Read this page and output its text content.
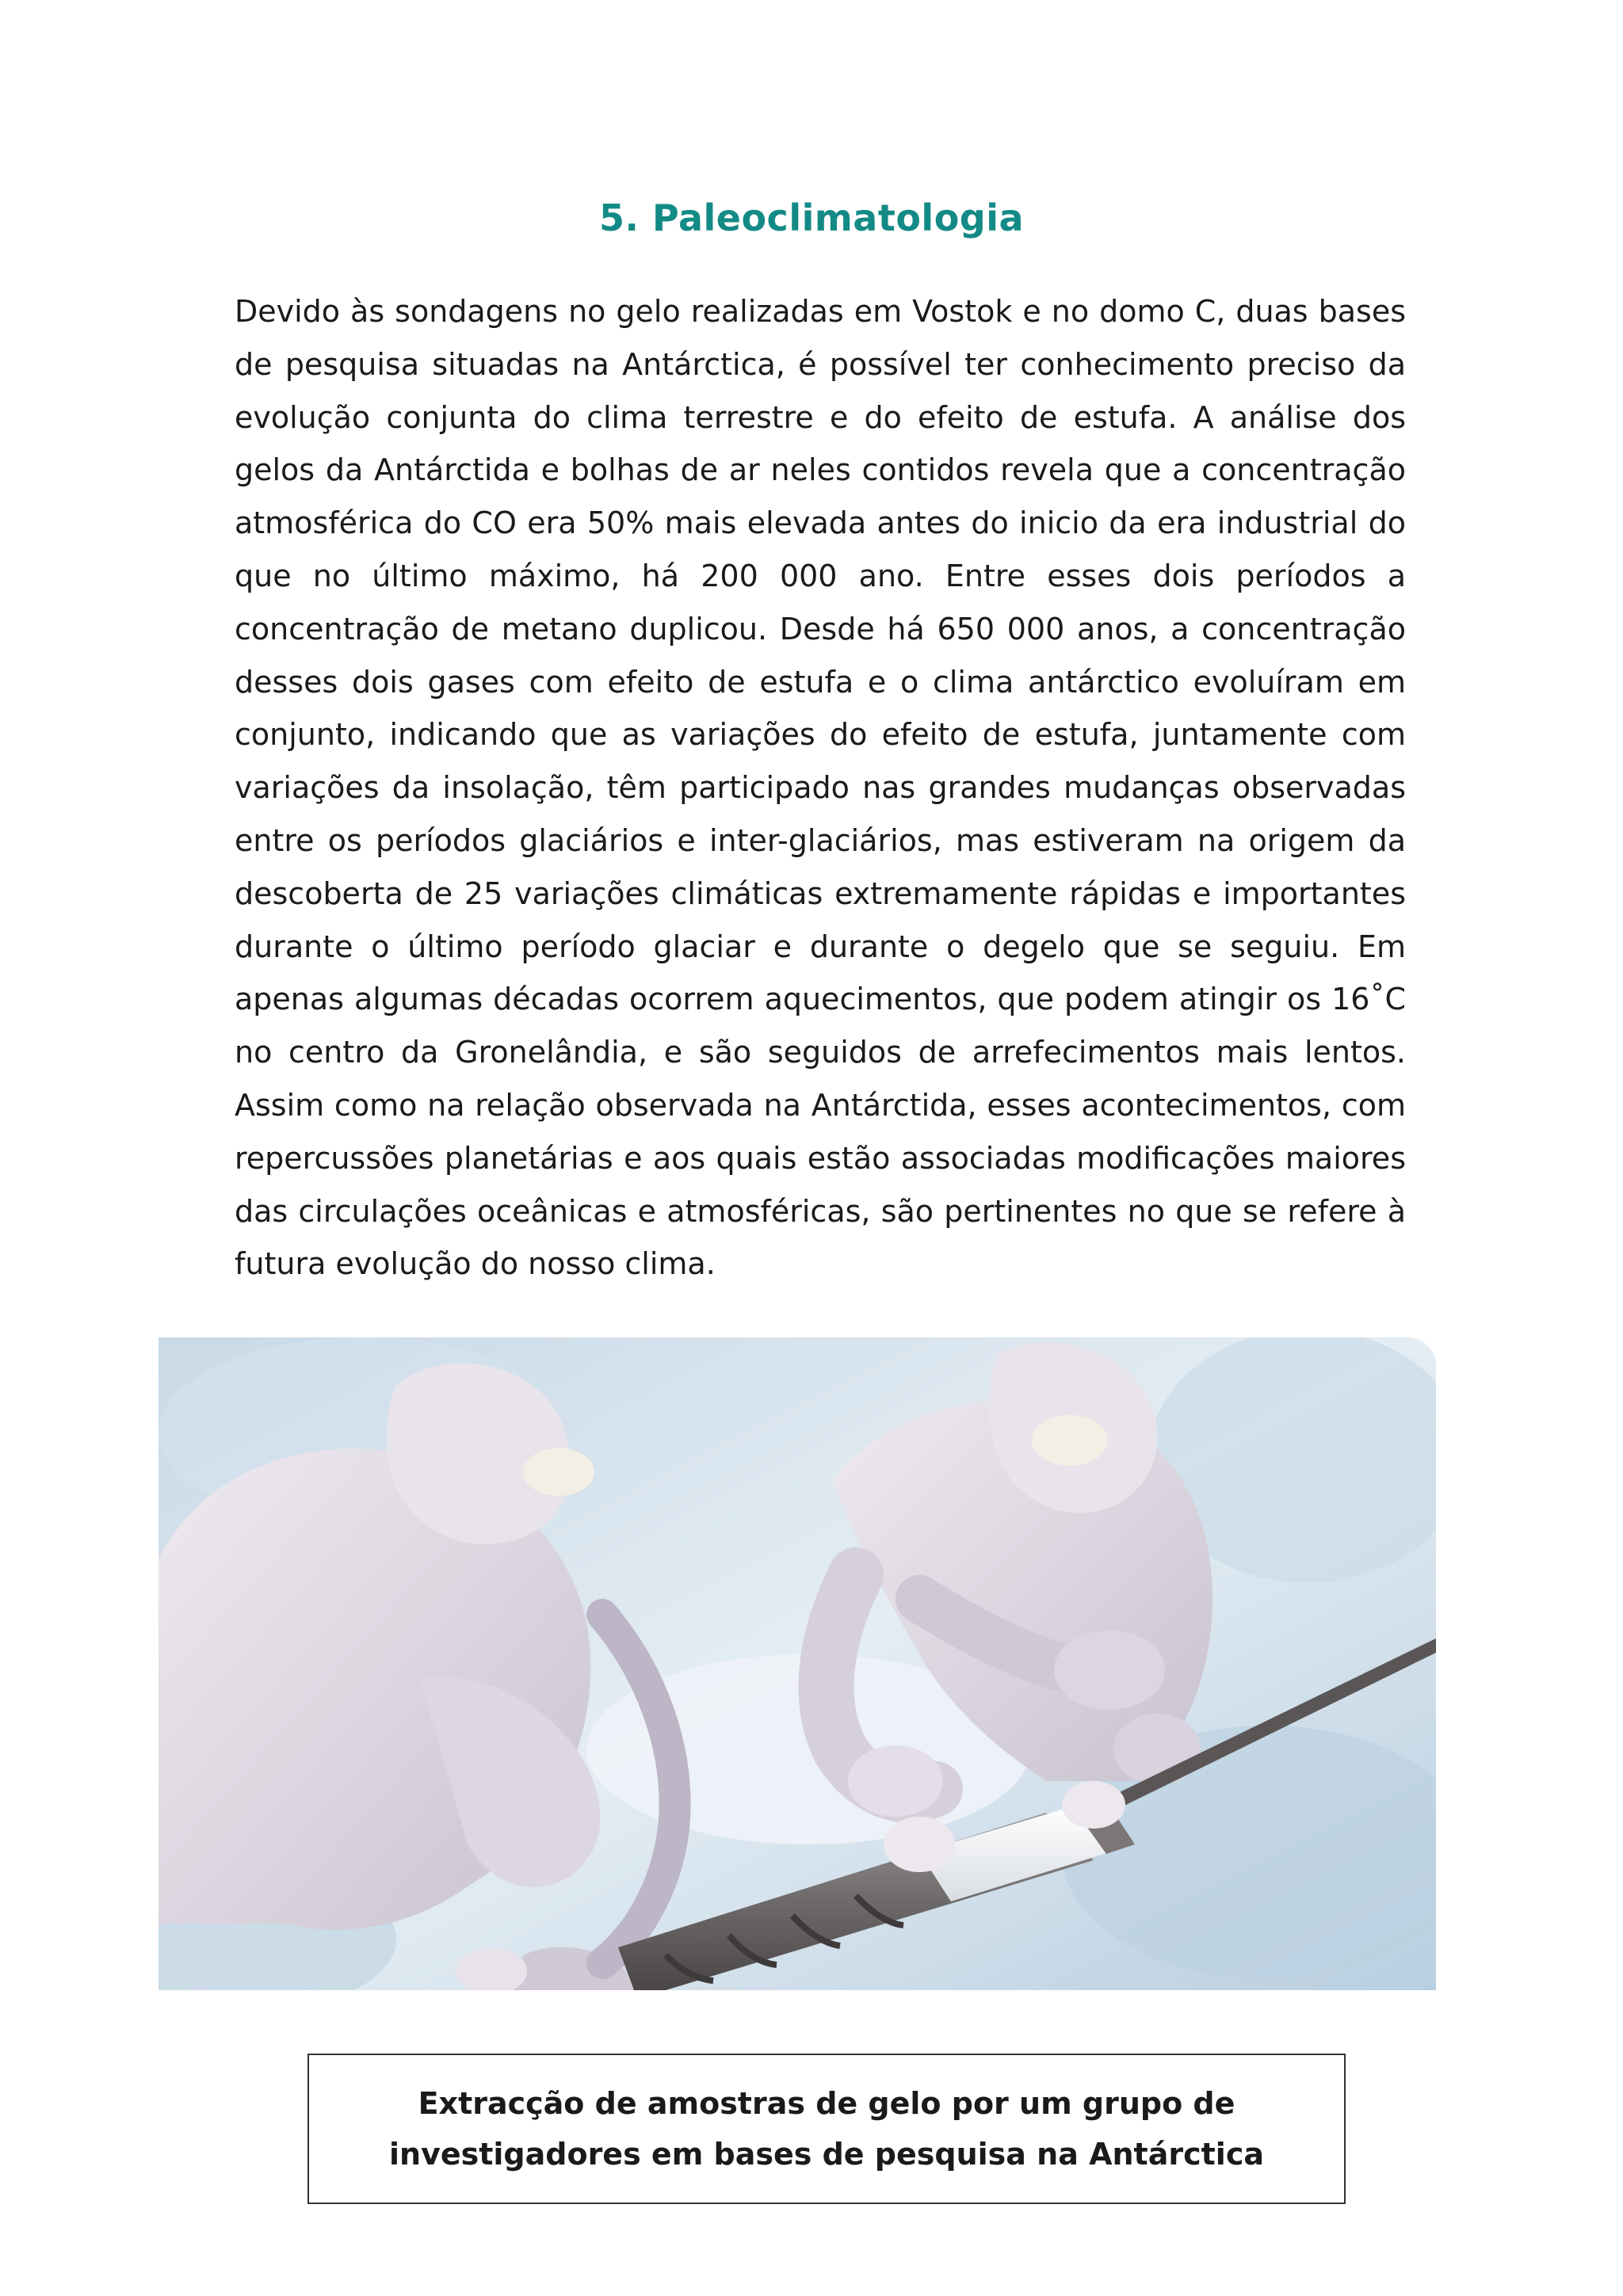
5. Paleoclimatologia

Devido às sondagens no gelo realizadas em Vostok e no domo C, duas bases de pesquisa situadas na Antárctica, é possível ter conhecimento preciso da evolução conjunta do clima terrestre e do efeito de estufa. A análise dos gelos da Antárctida e bolhas de ar neles contidos revela que a concentração atmosférica do CO era 50% mais elevada antes do inicio da era industrial do que no último máximo, há 200 000 ano. Entre esses dois períodos a concentração de metano duplicou. Desde há 650 000 anos, a concentração desses dois gases com efeito de estufa e o clima antárctico evoluíram em conjunto, indicando que as variações do efeito de estufa, juntamente com variações da insolação, têm participado nas grandes mudanças observadas entre os períodos glaciários e inter-glaciários, mas estiveram na origem da descoberta de 25 variações climáticas extremamente rápidas e importantes durante o último período glaciar e durante o degelo que se seguiu. Em apenas algumas décadas ocorrem aquecimentos, que podem atingir os 16˚C no centro da Gronelândia, e são seguidos de arrefecimentos mais lentos. Assim como na relação observada na Antárctida, esses acontecimentos, com repercussões planetárias e aos quais estão associadas modificações maiores das circulações oceânicas e atmosféricas, são pertinentes no que se refere à futura evolução do nosso clima.

Extracção de amostras de gelo por um grupo de investigadores em bases de pesquisa na Antárctica
